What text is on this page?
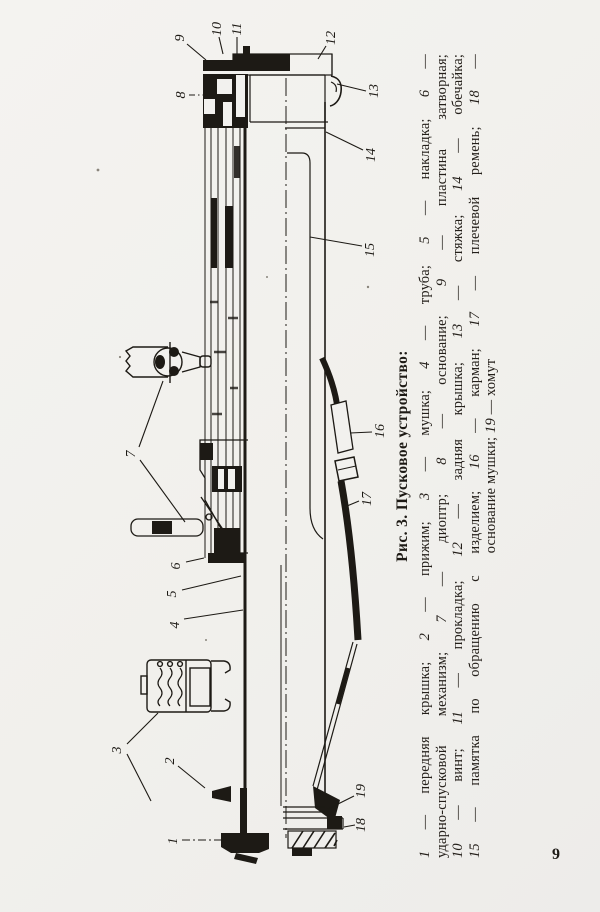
1
2
3
4
5
6
7
8
9
10 11
12
13
14
15
16
17
18
19
Рис. 3. Пусковое устройство:
1 — передняя крышка; 2 — прижим; 3 — мушка; 4 — труба; 5 — накладка; 6 —
ударно-спусковой механизм; 7 — диоптр; 8 — основание; 9 — пластина затворная;
10 — винт; 11 — прокладка; 12 — задняя крышка; 13 — стяжка; 14 — обечайка;
15 — памятка по обращению с изделием; 16 — карман; 17 — плечевой ремень; 18 —
основание мушки; 19 — хомут
9
